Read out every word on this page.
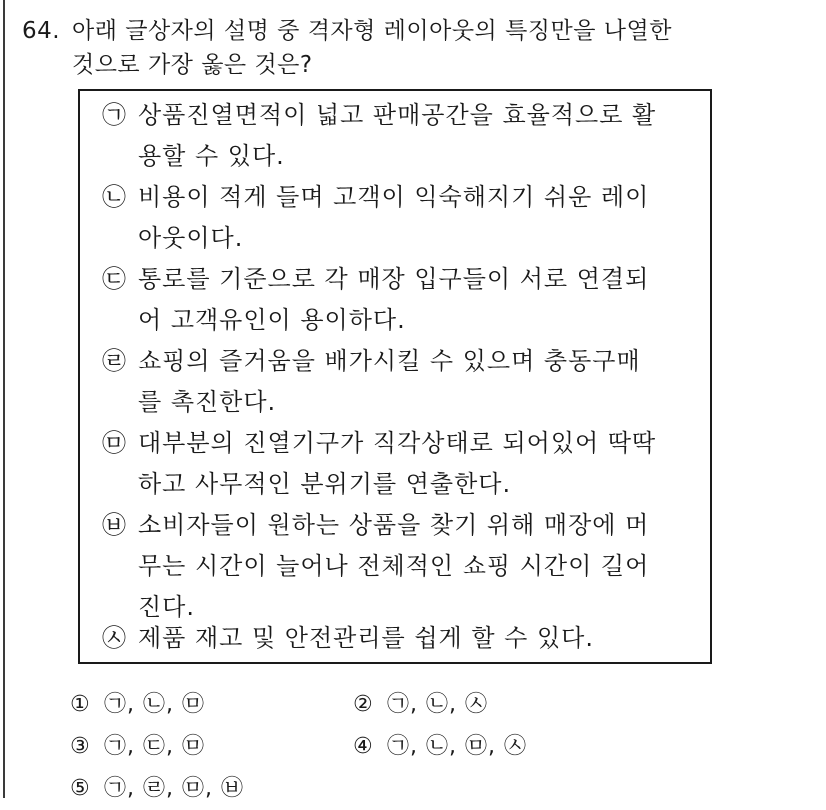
64. 아래 글상자의 설명 중 격자형 레이아웃의 특징만을 나열한
것으로 가장 옳은 것은?
㉠ 상품진열면적이 넓고 판매공간을 효율적으로 활
용할 수 있다.
㉡ 비용이 적게 들며 고객이 익숙해지기 쉬운 레이
아웃이다.
㉢ 통로를 기준으로 각 매장 입구들이 서로 연결되
어 고객유인이 용이하다.
㉣ 쇼핑의 즐거움을 배가시킬 수 있으며 충동구매
를 촉진한다.
㉤ 대부분의 진열기구가 직각상태로 되어있어 딱딱
하고 사무적인 분위기를 연출한다.
㉥ 소비자들이 원하는 상품을 찾기 위해 매장에 머
무는 시간이 늘어나 전체적인 쇼핑 시간이 길어
진다.
㉦ 제품 재고 및 안전관리를 쉽게 할 수 있다.
① ㉠, ㉡, ㉤	② ㉠, ㉡, ㉦
③ ㉠, ㉢, ㉤	④ ㉠, ㉡, ㉤, ㉦
⑤ ㉠, ㉣, ㉤, ㉥
